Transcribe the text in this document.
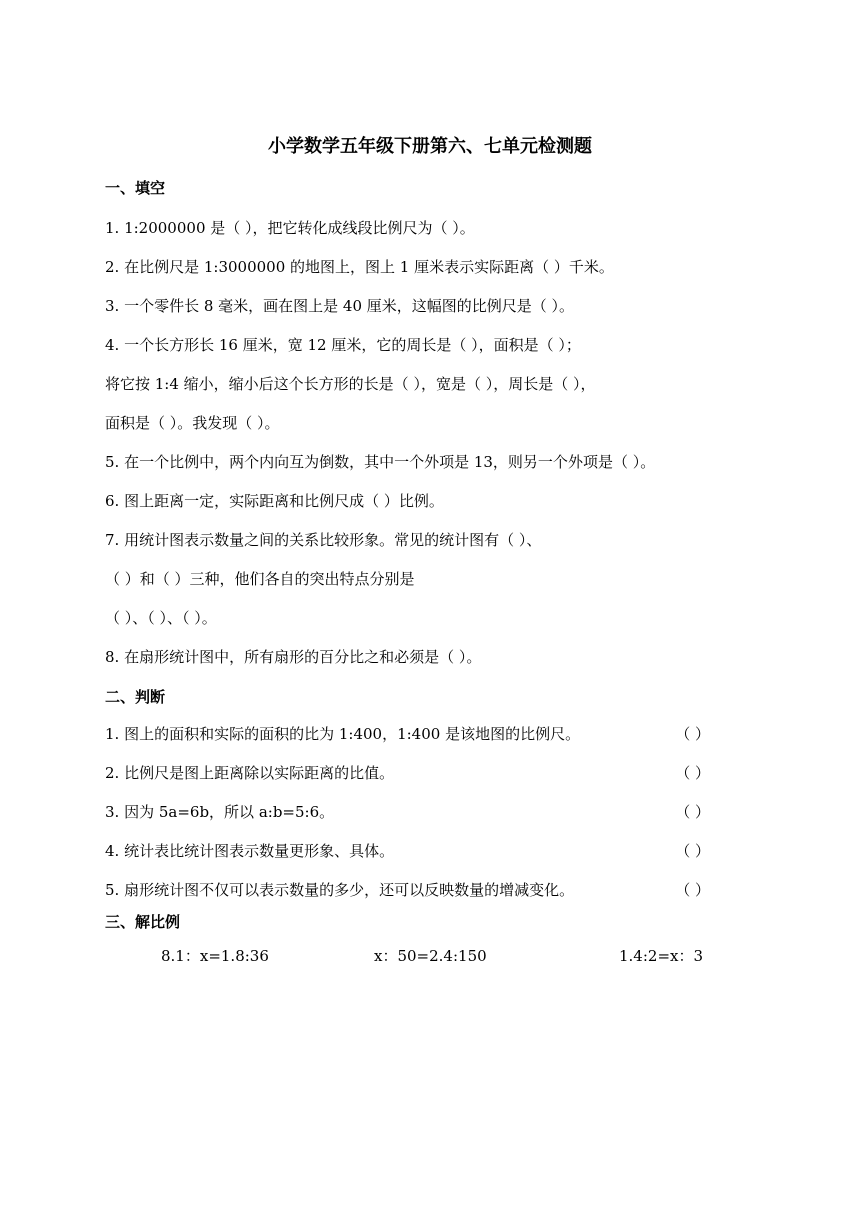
小学数学五年级下册第六、七单元检测题
一、填空
1. 1:2000000 是（ ），把它转化成线段比例尺为（ ）。
2. 在比例尺是 1:3000000 的地图上，图上 1 厘米表示实际距离（ ）千米。
3. 一个零件长 8 毫米，画在图上是 40 厘米，这幅图的比例尺是（ ）。
4. 一个长方形长 16 厘米，宽 12 厘米，它的周长是（ ），面积是（ ）；
将它按 1:4 缩小，缩小后这个长方形的长是（ ），宽是（ ），周长是（ ），
面积是（ ）。我发现（ ）。
5. 在一个比例中，两个内向互为倒数，其中一个外项是 13，则另一个外项是（ ）。
6. 图上距离一定，实际距离和比例尺成（ ）比例。
7. 用统计图表示数量之间的关系比较形象。常见的统计图有（ ）、
（ ）和（ ）三种，他们各自的突出特点分别是
（ ）、（ ）、（ ）。
8. 在扇形统计图中，所有扇形的百分比之和必须是（ ）。
二、判断
1. 图上的面积和实际的面积的比为 1:400，1:400 是该地图的比例尺。	（ ）
2. 比例尺是图上距离除以实际距离的比值。	（ ）
3. 因为 5a=6b，所以 a:b=5:6。	（ ）
4. 统计表比统计图表示数量更形象、具体。	（ ）
5. 扇形统计图不仅可以表示数量的多少，还可以反映数量的增减变化。	（ ）
三、解比例
8.1：x=1.8:36	x：50=2.4:150	1.4:2=x：3
